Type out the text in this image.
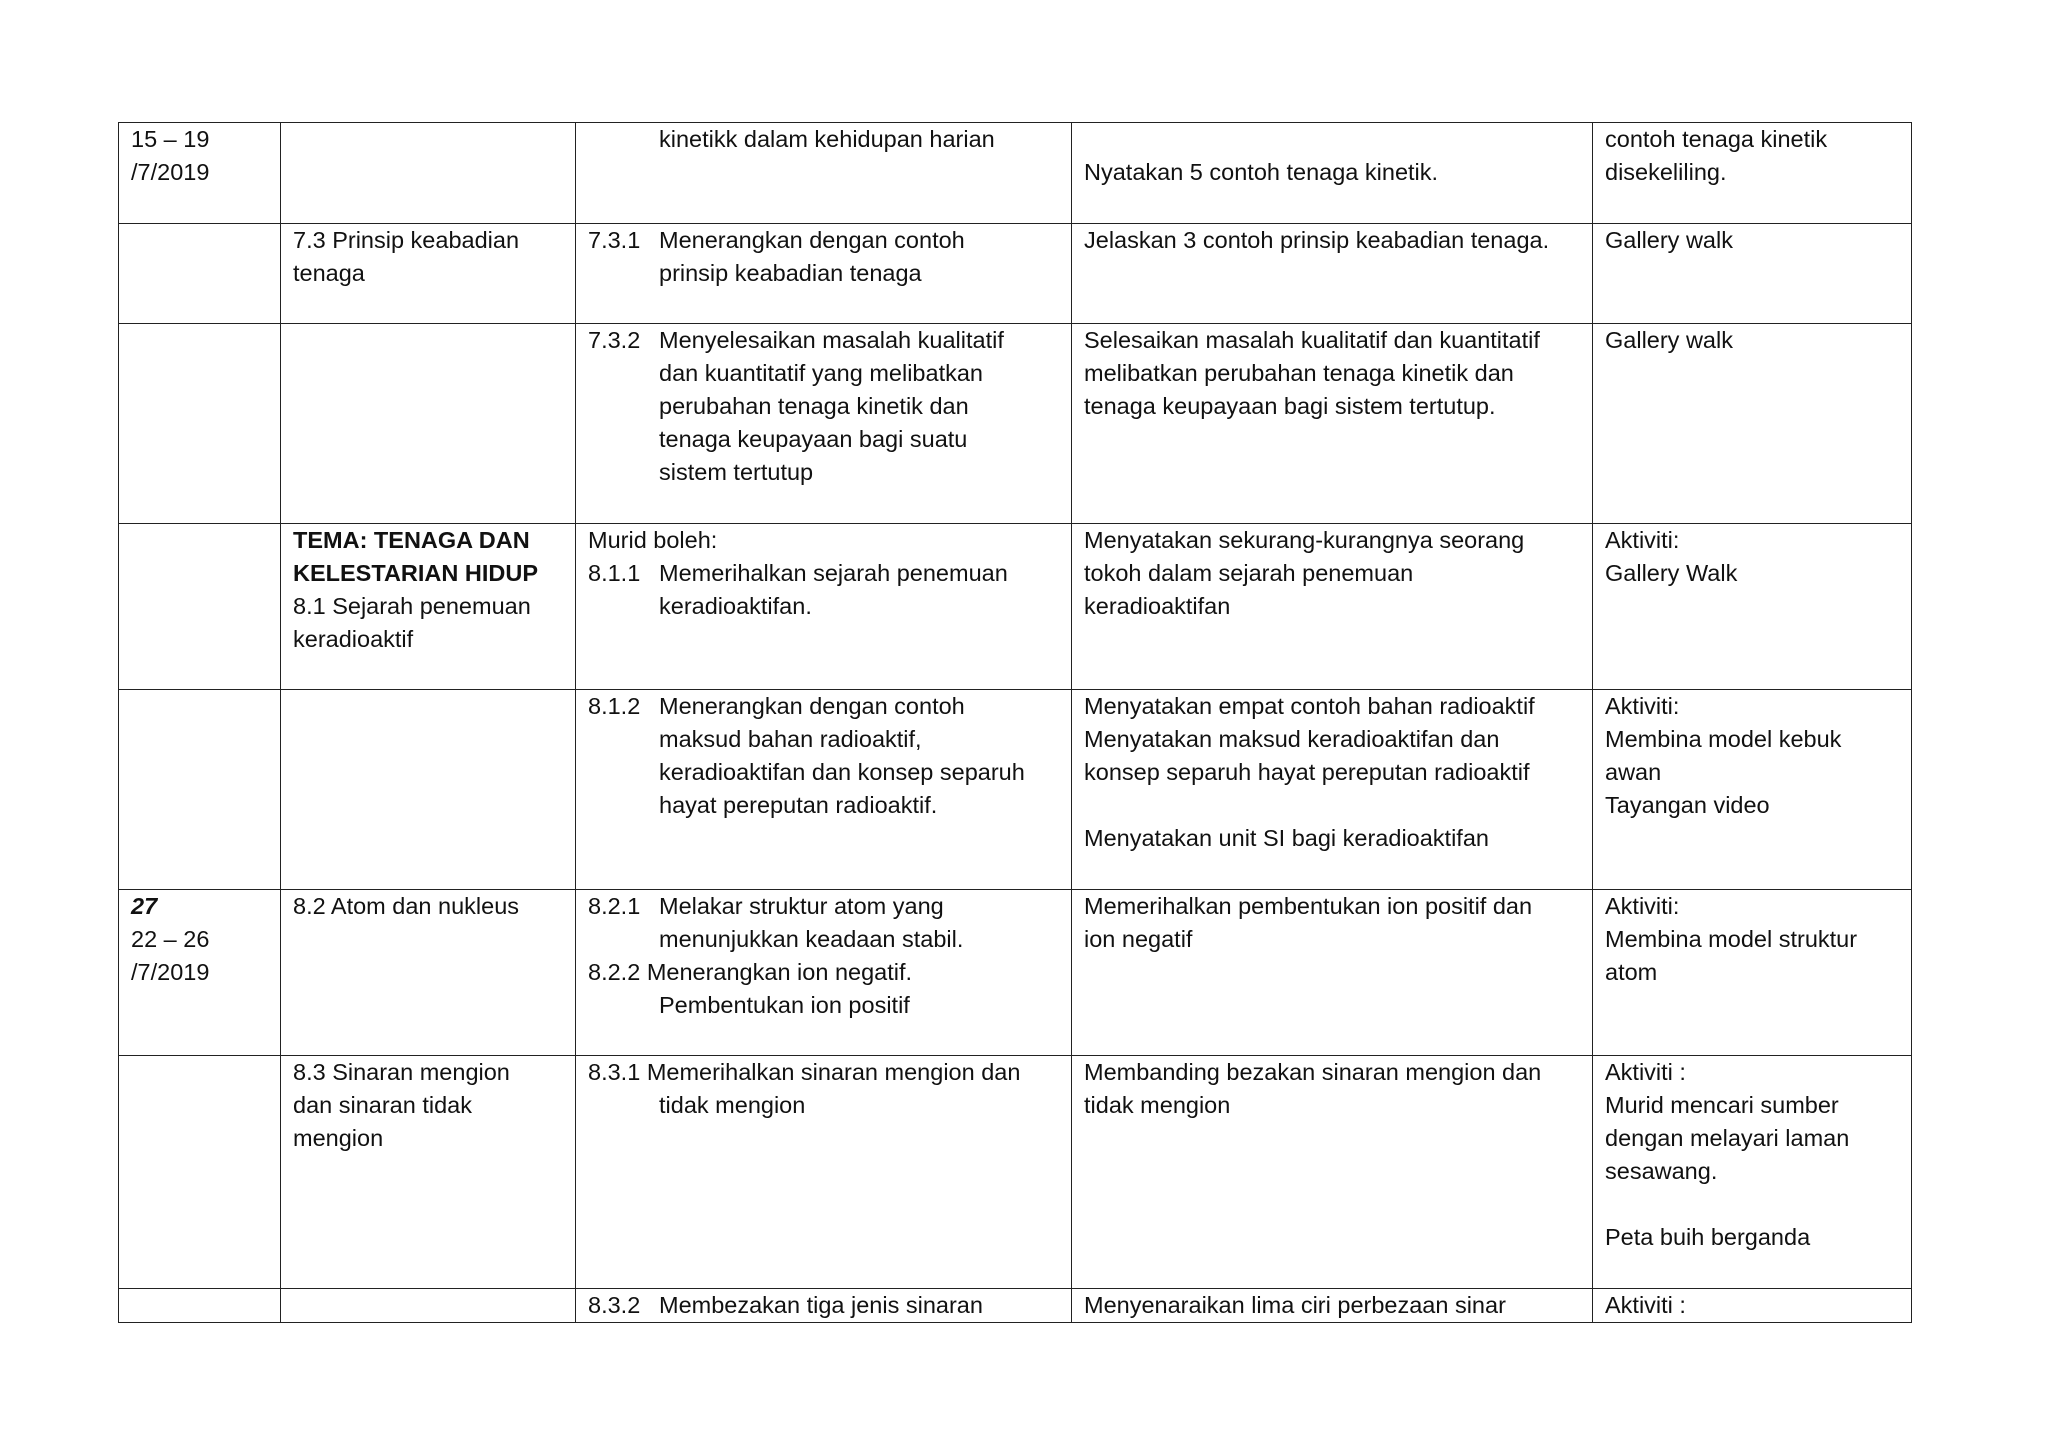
15 – 19
/7/2019		kinetikk dalam kehidupan harian	Nyatakan 5 contoh tenaga kinetik.	contoh tenaga kinetik
disekeliling.

	7.3 Prinsip keabadian
tenaga	7.3.1 Menerangkan dengan contoh
prinsip keabadian tenaga	Jelaskan 3 contoh prinsip keabadian tenaga.	Gallery walk

		7.3.2 Menyelesaikan masalah kualitatif
dan kuantitatif yang melibatkan
perubahan tenaga kinetik dan
tenaga keupayaan bagi suatu
sistem tertutup	Selesaikan masalah kualitatif dan kuantitatif
melibatkan perubahan tenaga kinetik dan
tenaga keupayaan bagi sistem tertutup.	Gallery walk

	TEMA: TENAGA DAN
KELESTARIAN HIDUP
8.1 Sejarah penemuan
keradioaktif	Murid boleh:
8.1.1 Memerihalkan sejarah penemuan
keradioaktifan.	Menyatakan sekurang-kurangnya seorang
tokoh dalam sejarah penemuan
keradioaktifan	Aktiviti:
Gallery Walk

		8.1.2 Menerangkan dengan contoh
maksud bahan radioaktif,
keradioaktifan dan konsep separuh
hayat pereputan radioaktif.	Menyatakan empat contoh bahan radioaktif
Menyatakan maksud keradioaktifan dan
konsep separuh hayat pereputan radioaktif
Menyatakan unit SI bagi keradioaktifan	Aktiviti:
Membina model kebuk
awan
Tayangan video

27
22 – 26
/7/2019	8.2 Atom dan nukleus	8.2.1 Melakar struktur atom yang
menunjukkan keadaan stabil.
8.2.2 Menerangkan ion negatif.
Pembentukan ion positif	Memerihalkan pembentukan ion positif dan
ion negatif	Aktiviti:
Membina model struktur
atom

	8.3 Sinaran mengion
dan sinaran tidak
mengion	8.3.1 Memerihalkan sinaran mengion dan
tidak mengion	Membanding bezakan sinaran mengion dan
tidak mengion	Aktiviti :
Murid mencari sumber
dengan melayari laman
sesawang.
Peta buih berganda

		8.3.2 Membezakan tiga jenis sinaran	Menyenaraikan lima ciri perbezaan sinar	Aktiviti :
